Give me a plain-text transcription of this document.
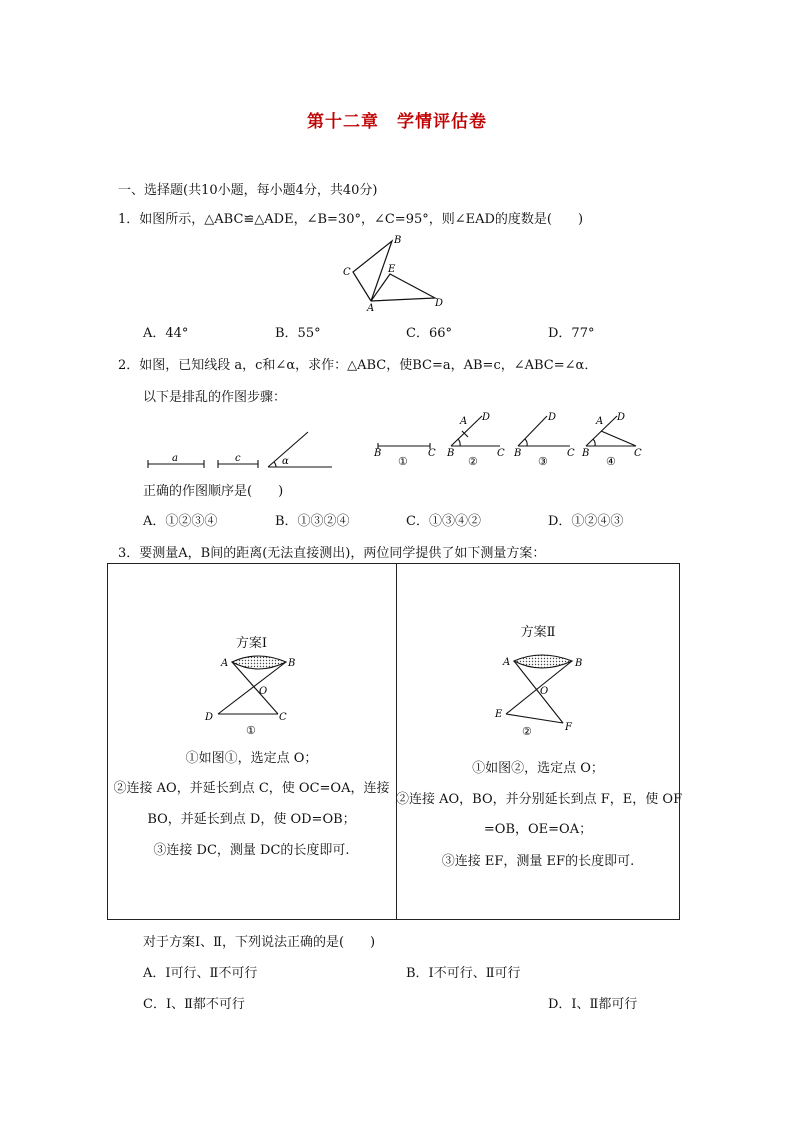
第十二章　学情评估卷
一、选择题(共10小题，每小题4分，共40分)
1．如图所示，△ABC≌△ADE，∠B=30°，∠C=95°，则∠EAD的度数是(　　)
B
C	E
A	D
A．44°	B．55°	C．66°	D．77°
2．如图，已知线段 a，c和∠α，求作：△ABC，使BC=a，AB=c，∠ABC=∠α．
以下是排乱的作图步骤：
a	c	α
B	C B	C
A D
B	C
D
B	C
A D
①	②	③	④
正确的作图顺序是(　　)
A．①②③④	B．①③②④	C．①③④②	D．①②④③
3．要测量A，B间的距离(无法直接测出)，两位同学提供了如下测量方案：
方案Ⅰ
A	B
O
D	C
①
①如图①，选定点 O；
②连接 AO，并延长到点 C，使 OC=OA，连接
BO，并延长到点 D，使 OD=OB；
③连接 DC，测量 DC的长度即可.
方案Ⅱ
A	B
O
E
F
②
①如图②，选定点 O；
②连接 AO，BO，并分别延长到点 F，E，使 OF
=OB，OE=OA；
③连接 EF，测量 EF的长度即可.
对于方案Ⅰ、Ⅱ，下列说法正确的是(　　)
A．Ⅰ可行、Ⅱ不可行	B．Ⅰ不可行、Ⅱ可行
C．Ⅰ、Ⅱ都不可行	D．Ⅰ、Ⅱ都可行
